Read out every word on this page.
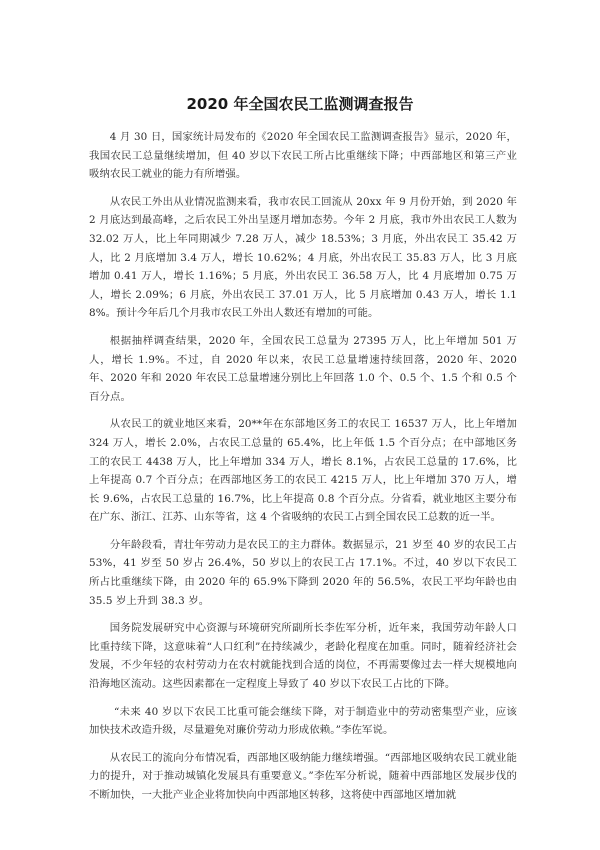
2020 年全国农民工监测调查报告

4 月 30 日，国家统计局发布的《2020 年全国农民工监测调查报告》显示，2020 年，我国农民工总量继续增加，但 40 岁以下农民工所占比重继续下降；中西部地区和第三产业吸纳农民工就业的能力有所增强。

从农民工外出从业情况监测来看，我市农民工回流从 20xx 年 9 月份开始，到 2020 年 2 月底达到最高峰，之后农民工外出呈逐月增加态势。今年 2 月底，我市外出农民工人数为 32.02 万人，比上年同期减少 7.28 万人，减少 18.53%；3 月底，外出农民工 35.42 万人，比 2 月底增加 3.4 万人，增长 10.62%；4 月底，外出农民工 35.83 万人，比 3 月底增加 0.41 万人，增长 1.16%；5 月底，外出农民工 36.58 万人，比 4 月底增加 0.75 万人，增长 2.09%；6 月底，外出农民工 37.01 万人，比 5 月底增加 0.43 万人，增长 1.18%。预计今年后几个月我市农民工外出人数还有增加的可能。

根据抽样调查结果，2020 年，全国农民工总量为 27395 万人，比上年增加 501 万人，增长 1.9%。不过，自 2020 年以来，农民工总量增速持续回落，2020 年、2020 年、2020 年和 2020 年农民工总量增速分别比上年回落 1.0 个、0.5 个、1.5 个和 0.5 个百分点。

从农民工的就业地区来看，20**年在东部地区务工的农民工 16537 万人，比上年增加 324 万人，增长 2.0%，占农民工总量的 65.4%，比上年低 1.5 个百分点；在中部地区务工的农民工 4438 万人，比上年增加 334 万人，增长 8.1%，占农民工总量的 17.6%，比上年提高 0.7 个百分点；在西部地区务工的农民工 4215 万人，比上年增加 370 万人，增长 9.6%，占农民工总量的 16.7%，比上年提高 0.8 个百分点。分省看，就业地区主要分布在广东、浙江、江苏、山东等省，这 4 个省吸纳的农民工占到全国农民工总数的近一半。

分年龄段看，青壮年劳动力是农民工的主力群体。数据显示，21 岁至 40 岁的农民工占 53%，41 岁至 50 岁占 26.4%，50 岁以上的农民工占 17.1%。不过，40 岁以下农民工所占比重继续下降，由 2020 年的 65.9%下降到 2020 年的 56.5%，农民工平均年龄也由 35.5 岁上升到 38.3 岁。

国务院发展研究中心资源与环境研究所副所长李佐军分析，近年来，我国劳动年龄人口比重持续下降，这意味着“人口红利”在持续减少，老龄化程度在加重。同时，随着经济社会发展，不少年轻的农村劳动力在农村就能找到合适的岗位，不再需要像过去一样大规模地向沿海地区流动。这些因素都在一定程度上导致了 40 岁以下农民工占比的下降。

“未来 40 岁以下农民工比重可能会继续下降，对于制造业中的劳动密集型产业，应该加快技术改造升级，尽量避免对廉价劳动力形成依赖。”李佐军说。

从农民工的流向分布情况看，西部地区吸纳能力继续增强。“西部地区吸纳农民工就业能力的提升，对于推动城镇化发展具有重要意义。”李佐军分析说，随着中西部地区发展步伐的不断加快，一大批产业企业将加快向中西部地区转移，这将使中西部地区增加就
